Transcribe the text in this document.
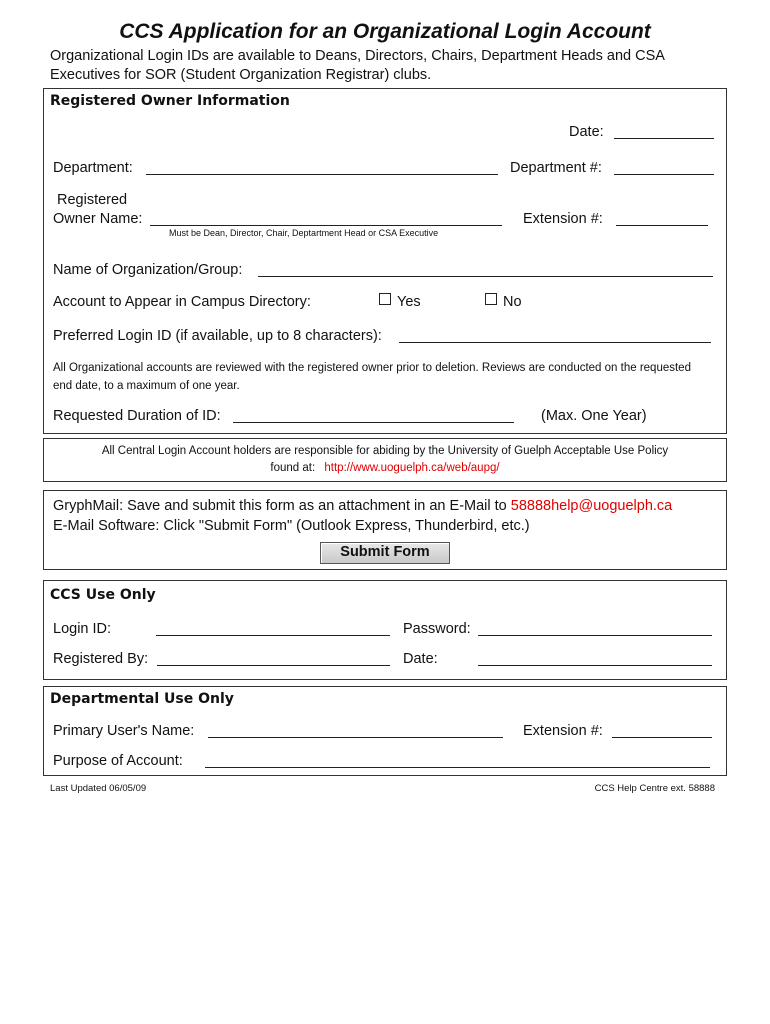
CCS Application for an Organizational Login Account
Organizational Login IDs are available to Deans, Directors, Chairs, Department Heads and CSA Executives for SOR (Student Organization Registrar) clubs.
Registered Owner Information
Date:
Department:	Department #:
Registered
Owner Name:	Extension #:
Must be Dean, Director, Chair, Deptartment Head or CSA Executive
Name of Organization/Group:
Account to Appear in Campus Directory:	Yes	No
Preferred Login ID (if available, up to 8 characters):
All Organizational accounts are reviewed with the registered owner prior to deletion. Reviews are conducted on the requested end date, to a maximum of one year.
Requested Duration of ID:	(Max. One Year)
All Central Login Account holders are responsible for abiding by the University of Guelph Acceptable Use Policy
found at: http://www.uoguelph.ca/web/aupg/
GryphMail: Save and submit this form as an attachment in an E-Mail to 58888help@uoguelph.ca
E-Mail Software: Click "Submit Form" (Outlook Express, Thunderbird, etc.)
Submit Form
CCS Use Only
Login ID:	Password:
Registered By:	Date:
Departmental Use Only
Primary User's Name:	Extension #:
Purpose of Account:
Last Updated 06/05/09	CCS Help Centre ext. 58888
